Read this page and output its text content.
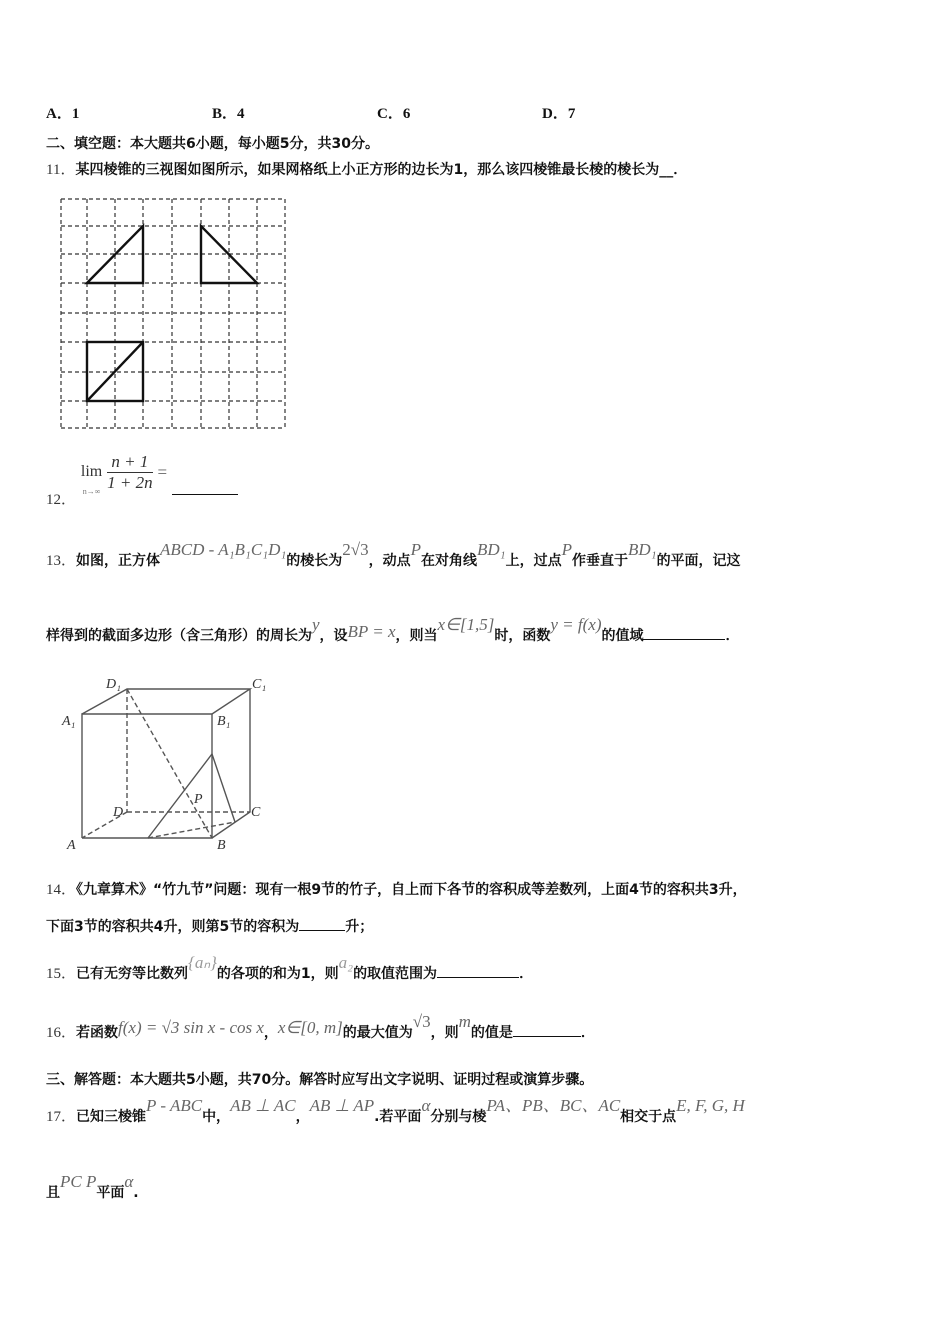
A．1	B．4	C．6	D．7
二、填空题：本大题共6小题，每小题5分，共30分。
11．某四棱锥的三视图如图所示，如果网格纸上小正方形的边长为1，那么该四棱锥最长棱的棱长为__．
D₁	C₁
A₁	B₁
D	C
A	B
P
12．
lim
n→∞
$\frac{n + 1}{1 + 2n}$ =
13．如图，正方体ABCD - A₁B₁C₁D₁的棱长为2√3，动点P在对角线BD₁上，过点P作垂直于BD₁的平面，记这
样得到的截面多边形（含三角形）的周长为y，设BP = x，则当x∈[1,5]时，函数y = f(x)的值域	．
14．《九章算术》“竹九节”问题：现有一根9节的竹子，自上而下各节的容积成等差数列，上面4节的容积共3升，
下面3节的容积共4升，则第5节的容积为	升；
15．已有无穷等比数列{aₙ}的各项的和为1，则a₂的取值范围为	．
16．若函数f(x) = √3 sin x - cos x，x∈[0, m]的最大值为√3，则m的值是	．
三、解答题：本大题共5小题，共70分。解答时应写出文字说明、证明过程或演算步骤。
17．已知三棱锥P - ABC中，AB ⊥ AC，AB ⊥ AP.若平面α分别与棱PA、PB、BC、AC相交于点E, F, G, H
且PC P平面α.
